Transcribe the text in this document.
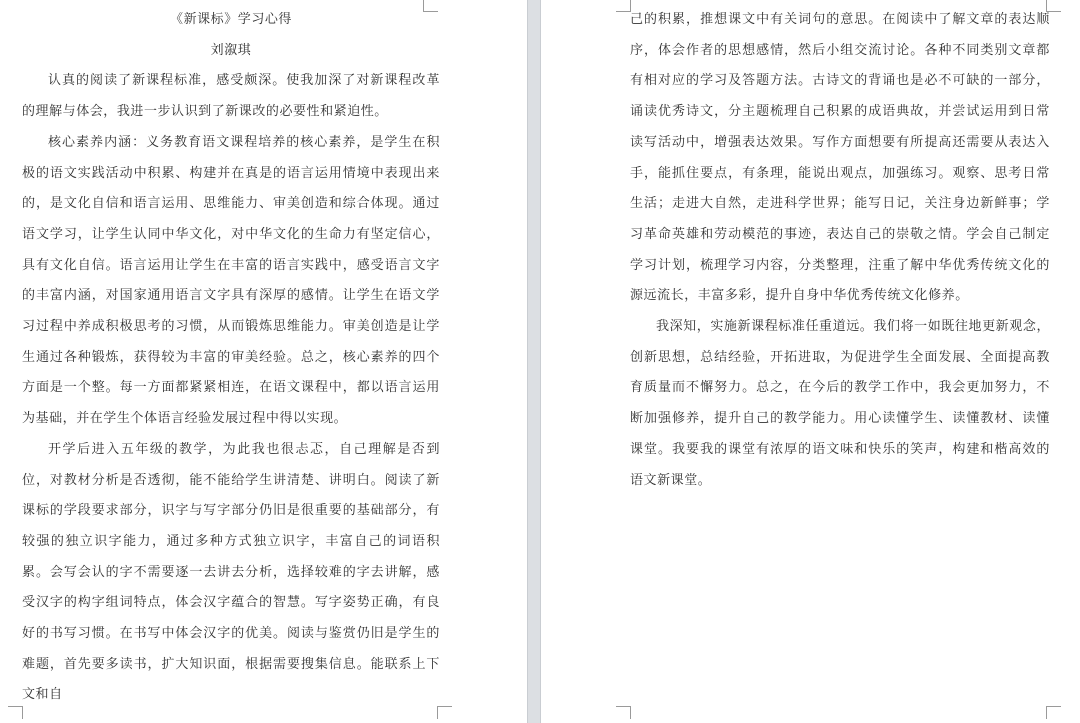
《新课标》学习心得

刘溆琪

认真的阅读了新课程标准，感受颇深。使我加深了对新课程改革的理解与体会，我进一步认识到了新课改的必要性和紧迫性。

核心素养内涵：义务教育语文课程培养的核心素养，是学生在积极的语文实践活动中积累、构建并在真是的语言运用情境中表现出来的，是文化自信和语言运用、思维能力、审美创造和综合体现。通过语文学习，让学生认同中华文化，对中华文化的生命力有坚定信心，具有文化自信。语言运用让学生在丰富的语言实践中，感受语言文字的丰富内涵，对国家通用语言文字具有深厚的感情。让学生在语文学习过程中养成积极思考的习惯，从而锻炼思维能力。审美创造是让学生通过各种锻炼，获得较为丰富的审美经验。总之，核心素养的四个方面是一个整。每一方面都紧紧相连，在语文课程中，都以语言运用为基础，并在学生个体语言经验发展过程中得以实现。

开学后进入五年级的教学，为此我也很忐忑，自己理解是否到位，对教材分析是否透彻，能不能给学生讲清楚、讲明白。阅读了新课标的学段要求部分，识字与写字部分仍旧是很重要的基础部分，有较强的独立识字能力，通过多种方式独立识字，丰富自己的词语积累。会写会认的字不需要逐一去讲去分析，选择较难的字去讲解，感受汉字的构字组词特点，体会汉字蕴合的智慧。写字姿势正确，有良好的书写习惯。在书写中体会汉字的优美。阅读与鉴赏仍旧是学生的难题，首先要多读书，扩大知识面，根据需要搜集信息。能联系上下文和自

己的积累，推想课文中有关词句的意思。在阅读中了解文章的表达顺序，体会作者的思想感情，然后小组交流讨论。各种不同类别文章都有相对应的学习及答题方法。古诗文的背诵也是必不可缺的一部分，诵读优秀诗文，分主题梳理自己积累的成语典故，并尝试运用到日常读写活动中，增强表达效果。写作方面想要有所提高还需要从表达入手，能抓住要点，有条理，能说出观点，加强练习。观察、思考日常生活；走进大自然，走进科学世界；能写日记，关注身边新鲜事；学习革命英雄和劳动模范的事迹，表达自己的崇敬之情。学会自己制定学习计划，梳理学习内容，分类整理，注重了解中华优秀传统文化的源远流长，丰富多彩，提升自身中华优秀传统文化修养。

我深知，实施新课程标准任重道远。我们将一如既往地更新观念，创新思想，总结经验，开拓进取，为促进学生全面发展、全面提高教育质量而不懈努力。总之，在今后的教学工作中，我会更加努力，不断加强修养，提升自己的教学能力。用心读懂学生、读懂教材、读懂课堂。我要我的课堂有浓厚的语文味和快乐的笑声，构建和楷高效的语文新课堂。
